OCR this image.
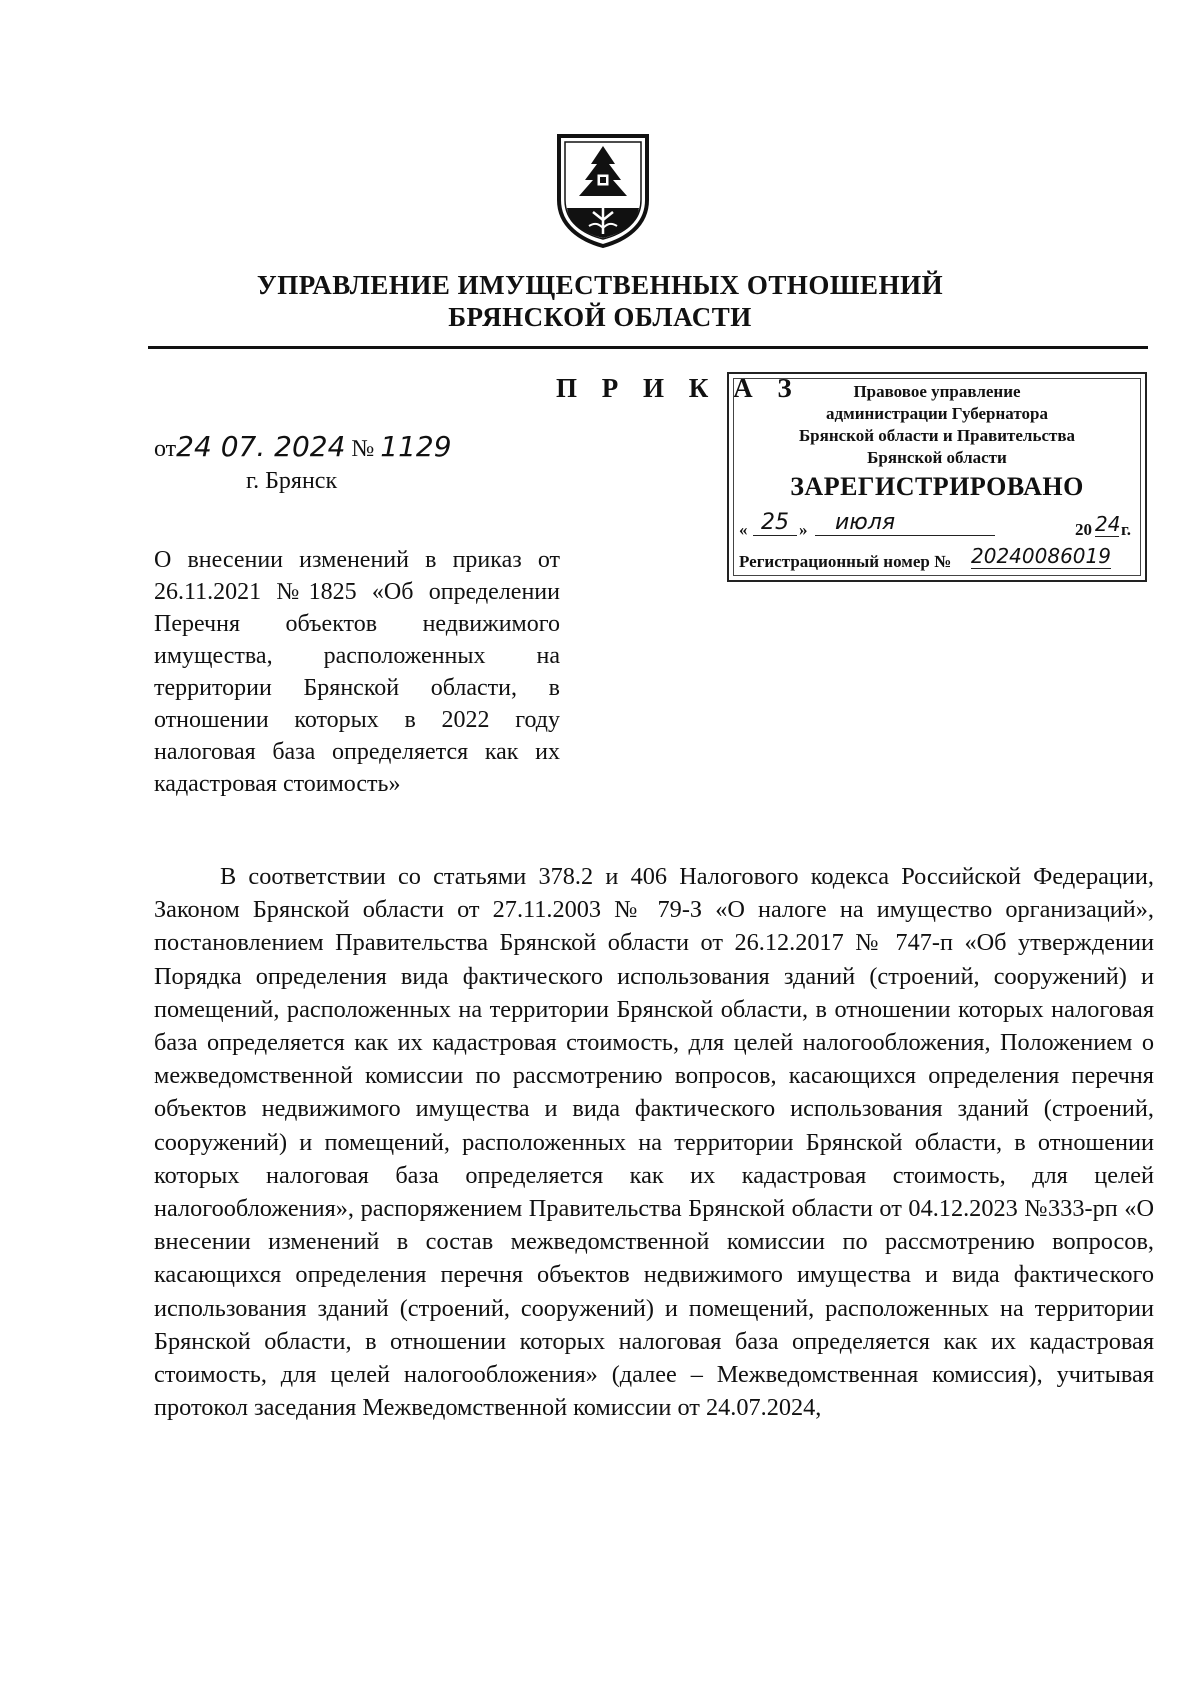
УПРАВЛЕНИЕ ИМУЩЕСТВЕННЫХ ОТНОШЕНИЙ
БРЯНСКОЙ ОБЛАСТИ
П Р И К А З	Правовое управление
администрации Губернатора
Брянской области и Правительства
Брянской области
ЗАРЕГИСТРИРОВАНО
« 25 »	июля	20 24 г.
Регистрационный номер № 20240086019
от24 07. 2024 № 1129
г. Брянск

О внесении изменений в приказ от 26.11.2021 №1825 «Об определении Перечня объектов недвижимого имущества, расположенных на территории Брянской области, в отношении которых в 2022 году налоговая база определяется как их кадастровая стоимость»

В соответствии со статьями 378.2 и 406 Налогового кодекса Российской Федерации, Законом Брянской области от 27.11.2003 № 79-З «О налоге на имущество организаций», постановлением Правительства Брянской области от 26.12.2017 № 747-п «Об утверждении Порядка определения вида фактического использования зданий (строений, сооружений) и помещений, расположенных на территории Брянской области, в отношении которых налоговая база определяется как их кадастровая стоимость, для целей налогообложения, Положением о межведомственной комиссии по рассмотрению вопросов, касающихся определения перечня объектов недвижимого имущества и вида фактического использования зданий (строений, сооружений) и помещений, расположенных на территории Брянской области, в отношении которых налоговая база определяется как их кадастровая стоимость, для целей налогообложения», распоряжением Правительства Брянской области от 04.12.2023 №333-рп «О внесении изменений в состав межведомственной комиссии по рассмотрению вопросов, касающихся определения перечня объектов недвижимого имущества и вида фактического использования зданий (строений, сооружений) и помещений, расположенных на территории Брянской области, в отношении которых налоговая база определяется как их кадастровая стоимость, для целей налогообложения» (далее – Межведомственная комиссия), учитывая протокол заседания Межведомственной комиссии от 24.07.2024,
